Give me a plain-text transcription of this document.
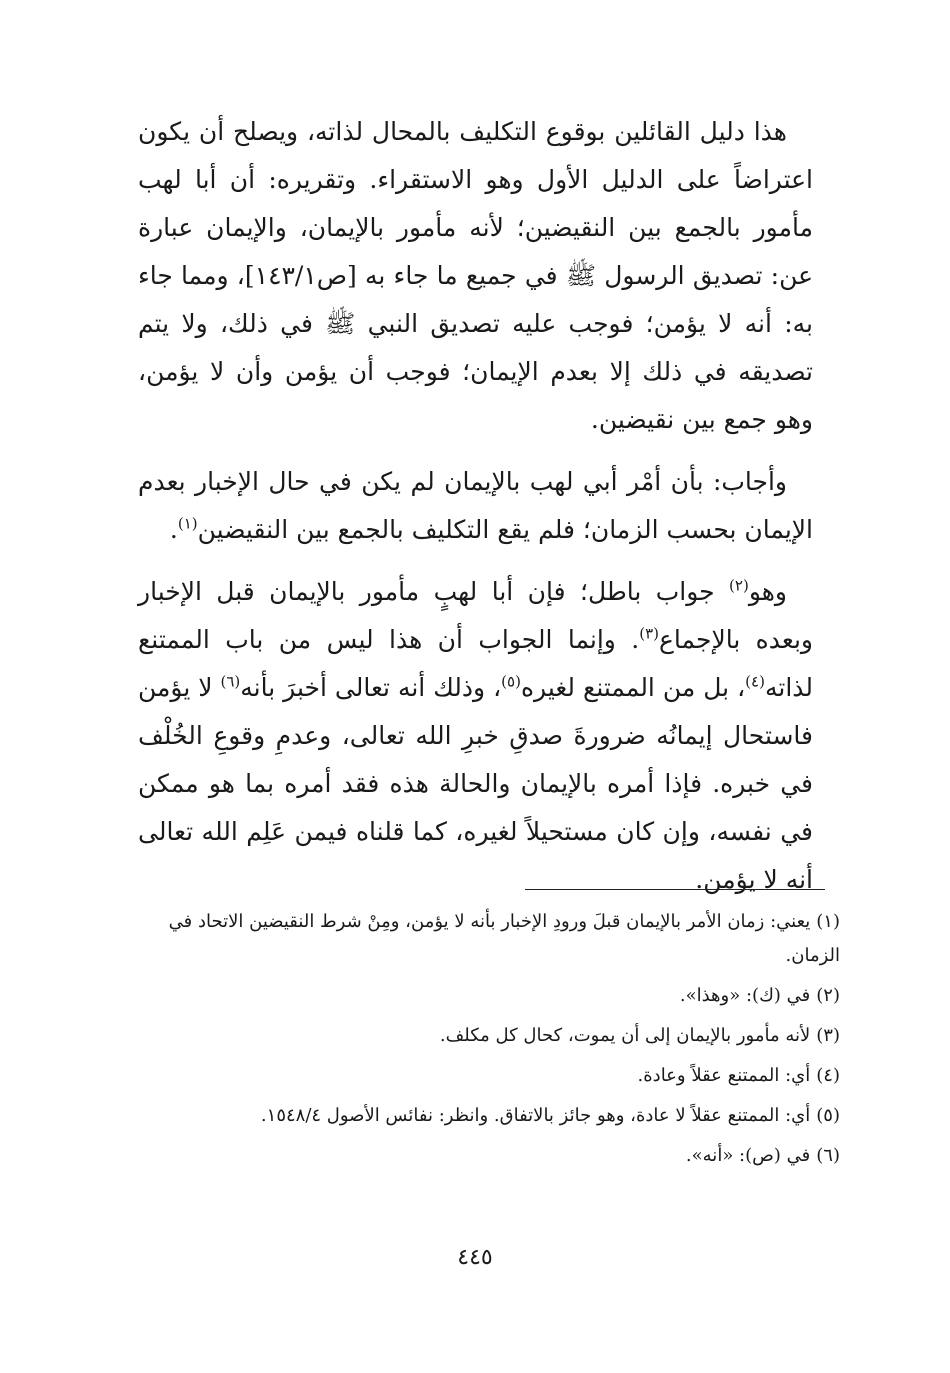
هذا دليل القائلين بوقوع التكليف بالمحال لذاته، ويصلح أن يكون اعتراضاً على الدليل الأول وهو الاستقراء. وتقريره: أن أبا لهب مأمور بالجمع بين النقيضين؛ لأنه مأمور بالإيمان، والإيمان عبارة عن: تصديق الرسول ﷺ في جميع ما جاء به [ص١٤٣/١]، ومما جاء به: أنه لا يؤمن؛ فوجب عليه تصديق النبي ﷺ في ذلك، ولا يتم تصديقه في ذلك إلا بعدم الإيمان؛ فوجب أن يؤمن وأن لا يؤمن، وهو جمع بين نقيضين.

وأجاب: بأن أمْر أبي لهب بالإيمان لم يكن في حال الإخبار بعدم الإيمان بحسب الزمان؛ فلم يقع التكليف بالجمع بين النقيضين$^{(١)}$.

وهو$^{(٢)}$ جواب باطل؛ فإن أبا لهبٍ مأمور بالإيمان قبل الإخبار وبعده بالإجماع$^{(٣)}$. وإنما الجواب أن هذا ليس من باب الممتنع لذاته$^{(٤)}$، بل من الممتنع لغيره$^{(٥)}$، وذلك أنه تعالى أخبرَ بأنه$^{(٦)}$ لا يؤمن فاستحال إيمانُه ضرورةَ صدقِ خبرِ الله تعالى، وعدمِ وقوعِ الخُلْف في خبره. فإذا أمره بالإيمان والحالة هذه فقد أمره بما هو ممكن في نفسه، وإن كان مستحيلاً لغيره، كما قلناه فيمن عَلِم الله تعالى أنه لا يؤمن.

(١)يعني: زمان الأمر بالإيمان قبلَ ورودِ الإخبار بأنه لا يؤمن، ومِنْ شرط النقيضين الاتحاد في الزمان.

(٢)في (ك): «وهذا».

(٣)لأنه مأمور بالإيمان إلى أن يموت، كحال كل مكلف.

(٤)أي: الممتنع عقلاً وعادة.

(٥)أي: الممتنع عقلاً لا عادة، وهو جائز بالاتفاق. وانظر: نفائس الأصول ١٥٤٨/٤.

(٦)في (ص): «أنه».

٤٤٥
